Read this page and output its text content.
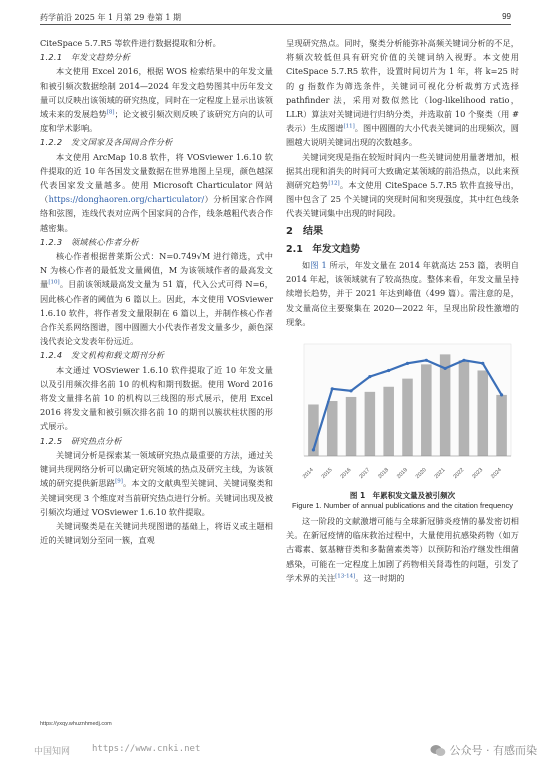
药学前沿 2025 年 1 月第 29 卷第 1 期	99

CiteSpace 5.7.R5 等软件进行数据提取和分析。

1.2.1　年发文趋势分析

本文使用 Excel 2016，根据 WOS 检索结果中的年发文量和被引频次数据绘制 2014—2024 年发文趋势图其中历年发文量可以反映出该领域的研究热度，同时在一定程度上显示出该领域未来的发展趋势[8]；论文被引频次则反映了该研究方向的认可度和学术影响。

1.2.2　发文国家及各国间合作分析

本文使用 ArcMap 10.8 软件，将 VOSviewer 1.6.10 软件提取的近 10 年各国发文量数据在世界地图上呈现，颜色越深代表国家发文量越多。使用 Microsoft Charticulator 网站（https://donghaoren.org/charticulator/）分析国家合作网络和弦图，连线代表对应两个国家间的合作，线条越粗代表合作越密集。

1.2.3　领域核心作者分析

核心作者根据普莱斯公式：N=0.749√M 进行筛选，式中 N 为核心作者的最低发文量阈值，M 为该领域作者的最高发文量[10]。目前该领域最高发文量为 51 篇，代入公式可得 N=6，因此核心作者的阈值为 6 篇以上。因此，本文使用 VOSviewer 1.6.10 软件，将作者发文量限制在 6 篇以上，并制作核心作者合作关系网络图谱，图中圆圈大小代表作者发文量多少，颜色深浅代表论文发表年份远近。

1.2.4　发文机构和载文期刊分析

本文通过 VOSviewer 1.6.10 软件提取了近 10 年发文量以及引用频次排名前 10 的机构和期刊数据。使用 Word 2016 将发文量排名前 10 的机构以三线图的形式展示，使用 Excel 2016 将发文量和被引频次排名前 10 的期刊以簇状柱状图的形式展示。

1.2.5　研究热点分析

关键词分析是探索某一领域研究热点最重要的方法，通过关键词共现网络分析可以确定研究领域的热点及研究主线，为该领域的研究提供新思路[9]。本文的文献典型关键词、关键词聚类和关键词突现 3 个维度对当前研究热点进行分析。关键词出现及被引频次均通过 VOSviewer 1.6.10 软件提取。

关键词聚类是在关键词共现图谱的基础上，将语义或主题相近的关键词划分至同一簇，直观

呈现研究热点。同时，聚类分析能弥补高频关键词分析的不足，将频次较低但具有研究价值的关键词纳入视野。本文使用 CiteSpace 5.7.R5 软件，设置时间切片为 1 年，将 k=25 时的 g 指数作为筛选条件，关键词可视化分析裁剪方式选择 pathfinder 法，采用对数似然比（log-likelihood ratio，LLR）算法对关键词进行归纳分类，并选取前 10 个聚类（用 # 表示）生成图谱[11]。图中圆圈的大小代表关键词的出现频次，圆圈越大说明关键词出现的次数越多。

关键词突现是指在较短时间内一些关键词使用量著增加，根据其出现和消失的时间可大致确定某领域的前沿热点，以此来预测研究趋势[12]。本文使用 CiteSpace 5.7.R5 软件直接导出，图中包含了 25 个关键词的突现时间和突现强度，其中红色线条代表关键词集中出现的时间段。

2　结果
2.1　年发文趋势

如图 1 所示，年发文量在 2014 年就高达 253 篇，表明自 2014 年起，该领域就有了较高热度。整体来看，年发文量呈持续增长趋势，并于 2021 年达到峰值（499 篇）。需注意的是，发文量高位主要聚集在 2020—2022 年，呈现出阶段性激增的现象。

2014 2015 2016 2017 2018 2019 2020 2021 2022 2023 2024
图 1　年累积发文量及被引频次
Figure 1. Number of annual publications and the citation frequency

这一阶段的文献激增可能与全球新冠肺炎疫情的暴发密切相关。在新冠疫情的临床救治过程中，大量使用抗感染药物（如万古霉素、氨基糖苷类和多黏菌素类等）以预防和治疗继发性细菌感染，可能在一定程度上加剧了药物相关肾毒性的问题，引发了学术界的关注[13-14]。这一时期的

https://yxqy.whuznhmedj.com
中国知网 https://www.cnki.net	公众号 · 有感而染
